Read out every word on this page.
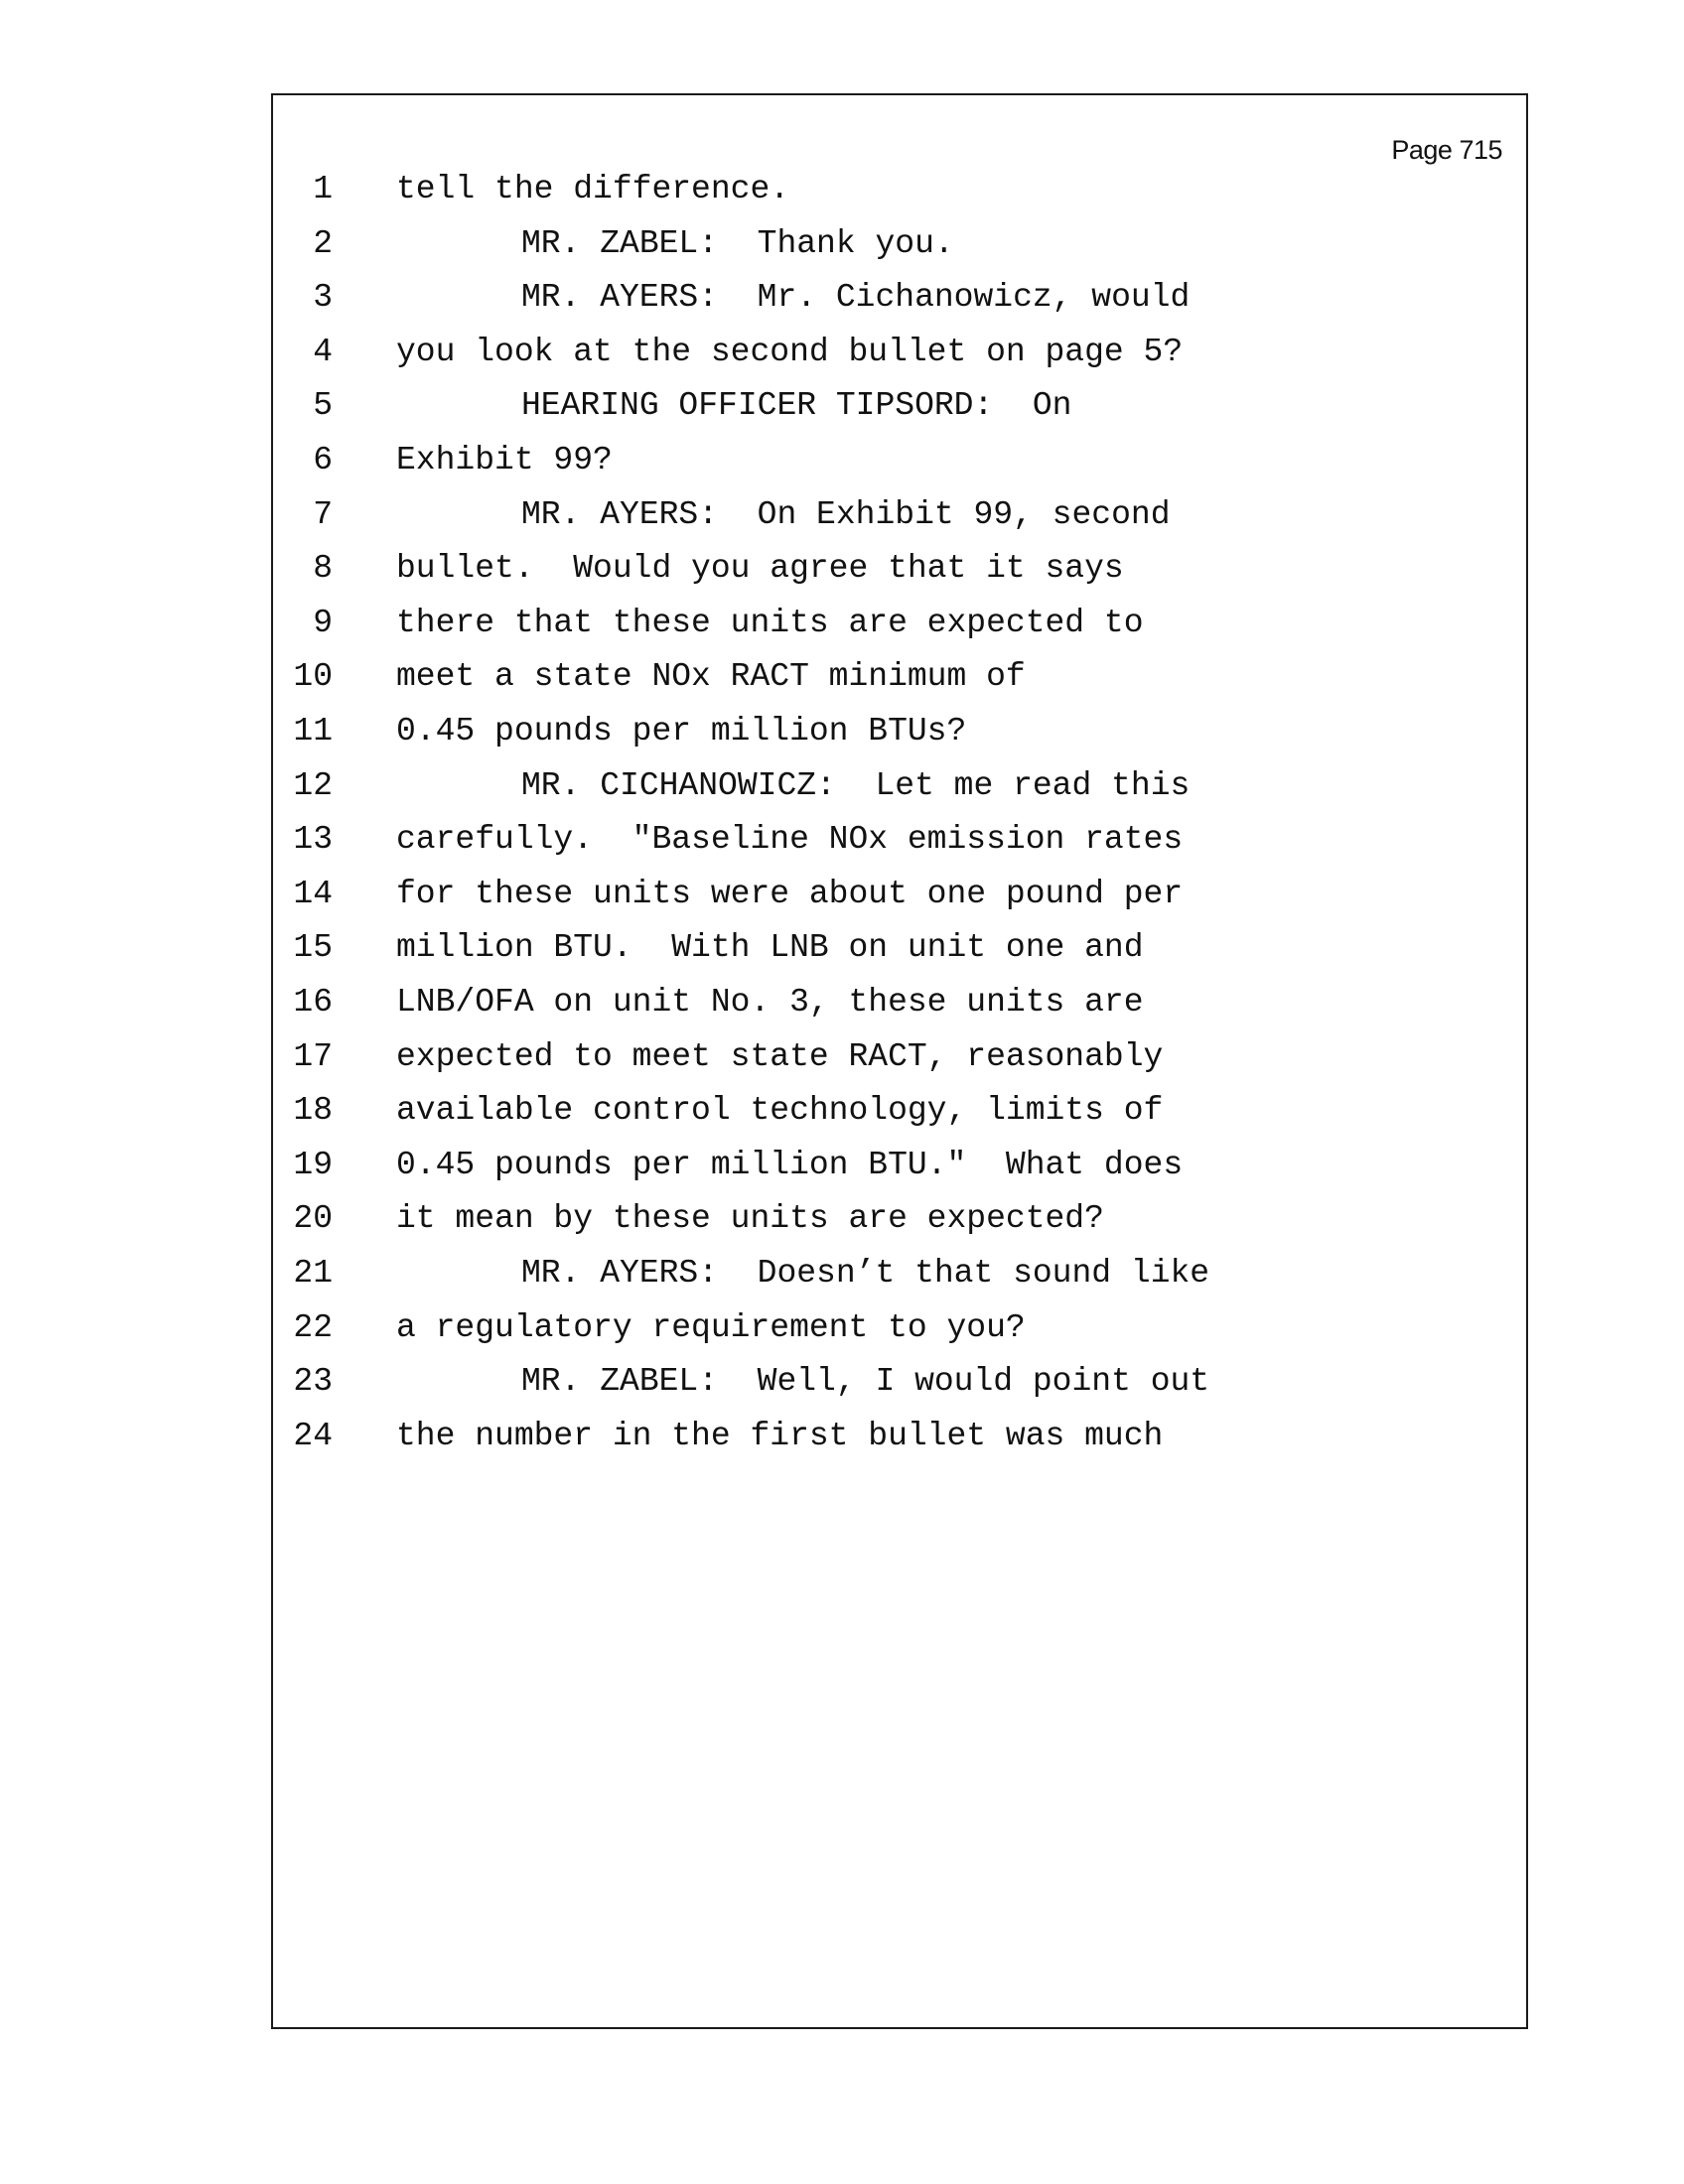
Page 715
1 tell the difference.
2	MR. ZABEL:  Thank you.
3	MR. AYERS:  Mr. Cichanowicz, would
4 you look at the second bullet on page 5?
5	HEARING OFFICER TIPSORD:  On
6 Exhibit 99?
7	MR. AYERS:  On Exhibit 99, second
8 bullet.  Would you agree that it says
9 there that these units are expected to
10 meet a state NOx RACT minimum of
11 0.45 pounds per million BTUs?
12	MR. CICHANOWICZ:  Let me read this
13 carefully.  "Baseline NOx emission rates
14 for these units were about one pound per
15 million BTU.  With LNB on unit one and
16 LNB/OFA on unit No. 3, these units are
17 expected to meet state RACT, reasonably
18 available control technology, limits of
19 0.45 pounds per million BTU."  What does
20 it mean by these units are expected?
21	MR. AYERS:  Doesn’t that sound like
22 a regulatory requirement to you?
23	MR. ZABEL:  Well, I would point out
24 the number in the first bullet was much
